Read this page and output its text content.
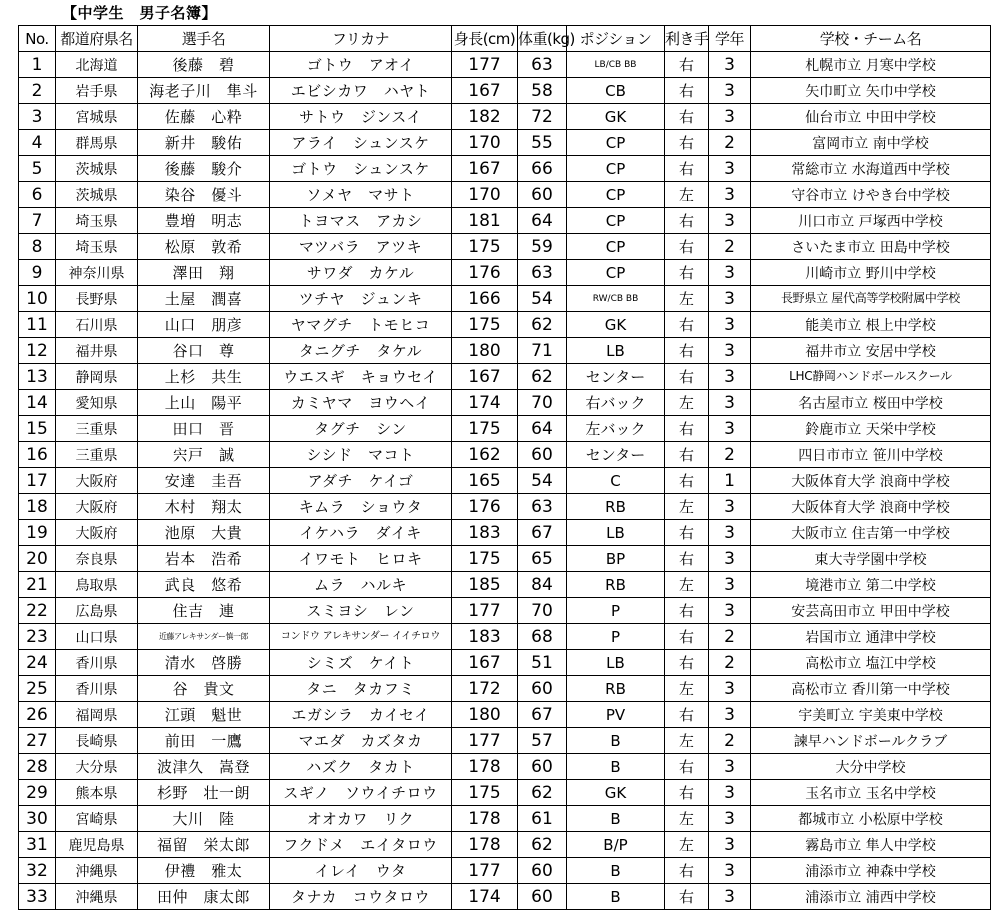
【中学生　男子名簿】
No.	都道府県名	選手名	フリカナ	身長(cm)	体重(kg)	ポジション	利き手	学年	学校・チーム名
1	北海道	後藤　碧	ゴトウ　アオイ	177	63	LB/CB BB	右	3	札幌市立 月寒中学校
2	岩手県	海老子川　隼斗	エビシカワ　ハヤト	167	58	CB	右	3	矢巾町立 矢巾中学校
3	宮城県	佐藤　心粋	サトウ　ジンスイ	182	72	GK	右	3	仙台市立 中田中学校
4	群馬県	新井　駿佑	アライ　シュンスケ	170	55	CP	右	2	富岡市立 南中学校
5	茨城県	後藤　駿介	ゴトウ　シュンスケ	167	66	CP	右	3	常総市立 水海道西中学校
6	茨城県	染谷　優斗	ソメヤ　マサト	170	60	CP	左	3	守谷市立 けやき台中学校
7	埼玉県	豊増　明志	トヨマス　アカシ	181	64	CP	右	3	川口市立 戸塚西中学校
8	埼玉県	松原　敦希	マツバラ　アツキ	175	59	CP	右	2	さいたま市立 田島中学校
9	神奈川県	澤田　翔	サワダ　カケル	176	63	CP	右	3	川崎市立 野川中学校
10	長野県	土屋　潤喜	ツチヤ　ジュンキ	166	54	RW/CB BB	左	3	長野県立 屋代高等学校附属中学校
11	石川県	山口　朋彦	ヤマグチ　トモヒコ	175	62	GK	右	3	能美市立 根上中学校
12	福井県	谷口　尊	タニグチ　タケル	180	71	LB	右	3	福井市立 安居中学校
13	静岡県	上杉　共生	ウエスギ　キョウセイ	167	62	センター	右	3	LHC静岡ハンドボールスクール
14	愛知県	上山　陽平	カミヤマ　ヨウヘイ	174	70	右バック	左	3	名古屋市立 桜田中学校
15	三重県	田口　晋	タグチ　シン	175	64	左バック	右	3	鈴鹿市立 天栄中学校
16	三重県	宍戸　誠	シシド　マコト	162	60	センター	右	2	四日市市立 笹川中学校
17	大阪府	安達　圭吾	アダチ　ケイゴ	165	54	C	右	1	大阪体育大学 浪商中学校
18	大阪府	木村　翔太	キムラ　ショウタ	176	63	RB	左	3	大阪体育大学 浪商中学校
19	大阪府	池原　大貴	イケハラ　ダイキ	183	67	LB	右	3	大阪市立 住吉第一中学校
20	奈良県	岩本　浩希	イワモト　ヒロキ	175	65	BP	右	3	東大寺学園中学校
21	鳥取県	武良　悠希	ムラ　ハルキ	185	84	RB	左	3	境港市立 第二中学校
22	広島県	住吉　連	スミヨシ　レン	177	70	P	右	3	安芸高田市立 甲田中学校
23	山口県	近藤アレキサンダー慎一郎	コンドウ アレキサンダー イイチロウ	183	68	P	右	2	岩国市立 通津中学校
24	香川県	清水　啓勝	シミズ　ケイト	167	51	LB	右	2	高松市立 塩江中学校
25	香川県	谷　貴文	タニ　タカフミ	172	60	RB	左	3	高松市立 香川第一中学校
26	福岡県	江頭　魁世	エガシラ　カイセイ	180	67	PV	右	3	宇美町立 宇美東中学校
27	長崎県	前田　一鷹	マエダ　カズタカ	177	57	B	左	2	諫早ハンドボールクラブ
28	大分県	波津久　嵩登	ハズク　タカト	178	60	B	右	3	大分中学校
29	熊本県	杉野　壮一朗	スギノ　ソウイチロウ	175	62	GK	右	3	玉名市立 玉名中学校
30	宮崎県	大川　陸	オオカワ　リク	178	61	B	左	3	都城市立 小松原中学校
31	鹿児島県	福留　栄太郎	フクドメ　エイタロウ	178	62	B/P	左	3	霧島市立 隼人中学校
32	沖縄県	伊禮　雅太	イレイ　ウタ	177	60	B	右	3	浦添市立 神森中学校
33	沖縄県	田仲　康太郎	タナカ　コウタロウ	174	60	B	右	3	浦添市立 浦西中学校
